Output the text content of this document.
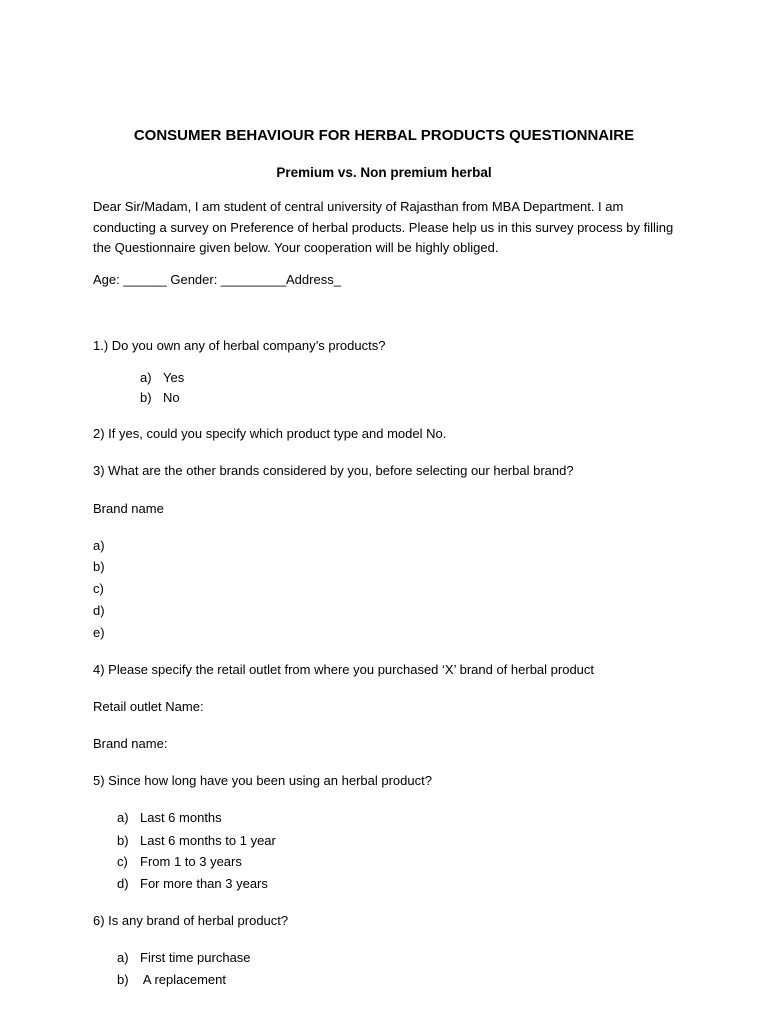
CONSUMER BEHAVIOUR FOR HERBAL PRODUCTS QUESTIONNAIRE
Premium vs. Non premium herbal
Dear Sir/Madam, I am student of central university of Rajasthan from MBA Department. I am
conducting a survey on Preference of herbal products. Please help us in this survey process by filling
the Questionnaire given below. Your cooperation will be highly obliged.
Age: ______ Gender: _________Address_
1.) Do you own any of herbal company’s products?
a) Yes
b) No
2) If yes, could you specify which product type and model No.
3) What are the other brands considered by you, before selecting our herbal brand?
Brand name
a)
b)
c)
d)
e)
4) Please specify the retail outlet from where you purchased ‘X’ brand of herbal product
Retail outlet Name:
Brand name:
5) Since how long have you been using an herbal product?
a) Last 6 months
b) Last 6 months to 1 year
c) From 1 to 3 years
d) For more than 3 years
6) Is any brand of herbal product?
a) First time purchase
b) A replacement
